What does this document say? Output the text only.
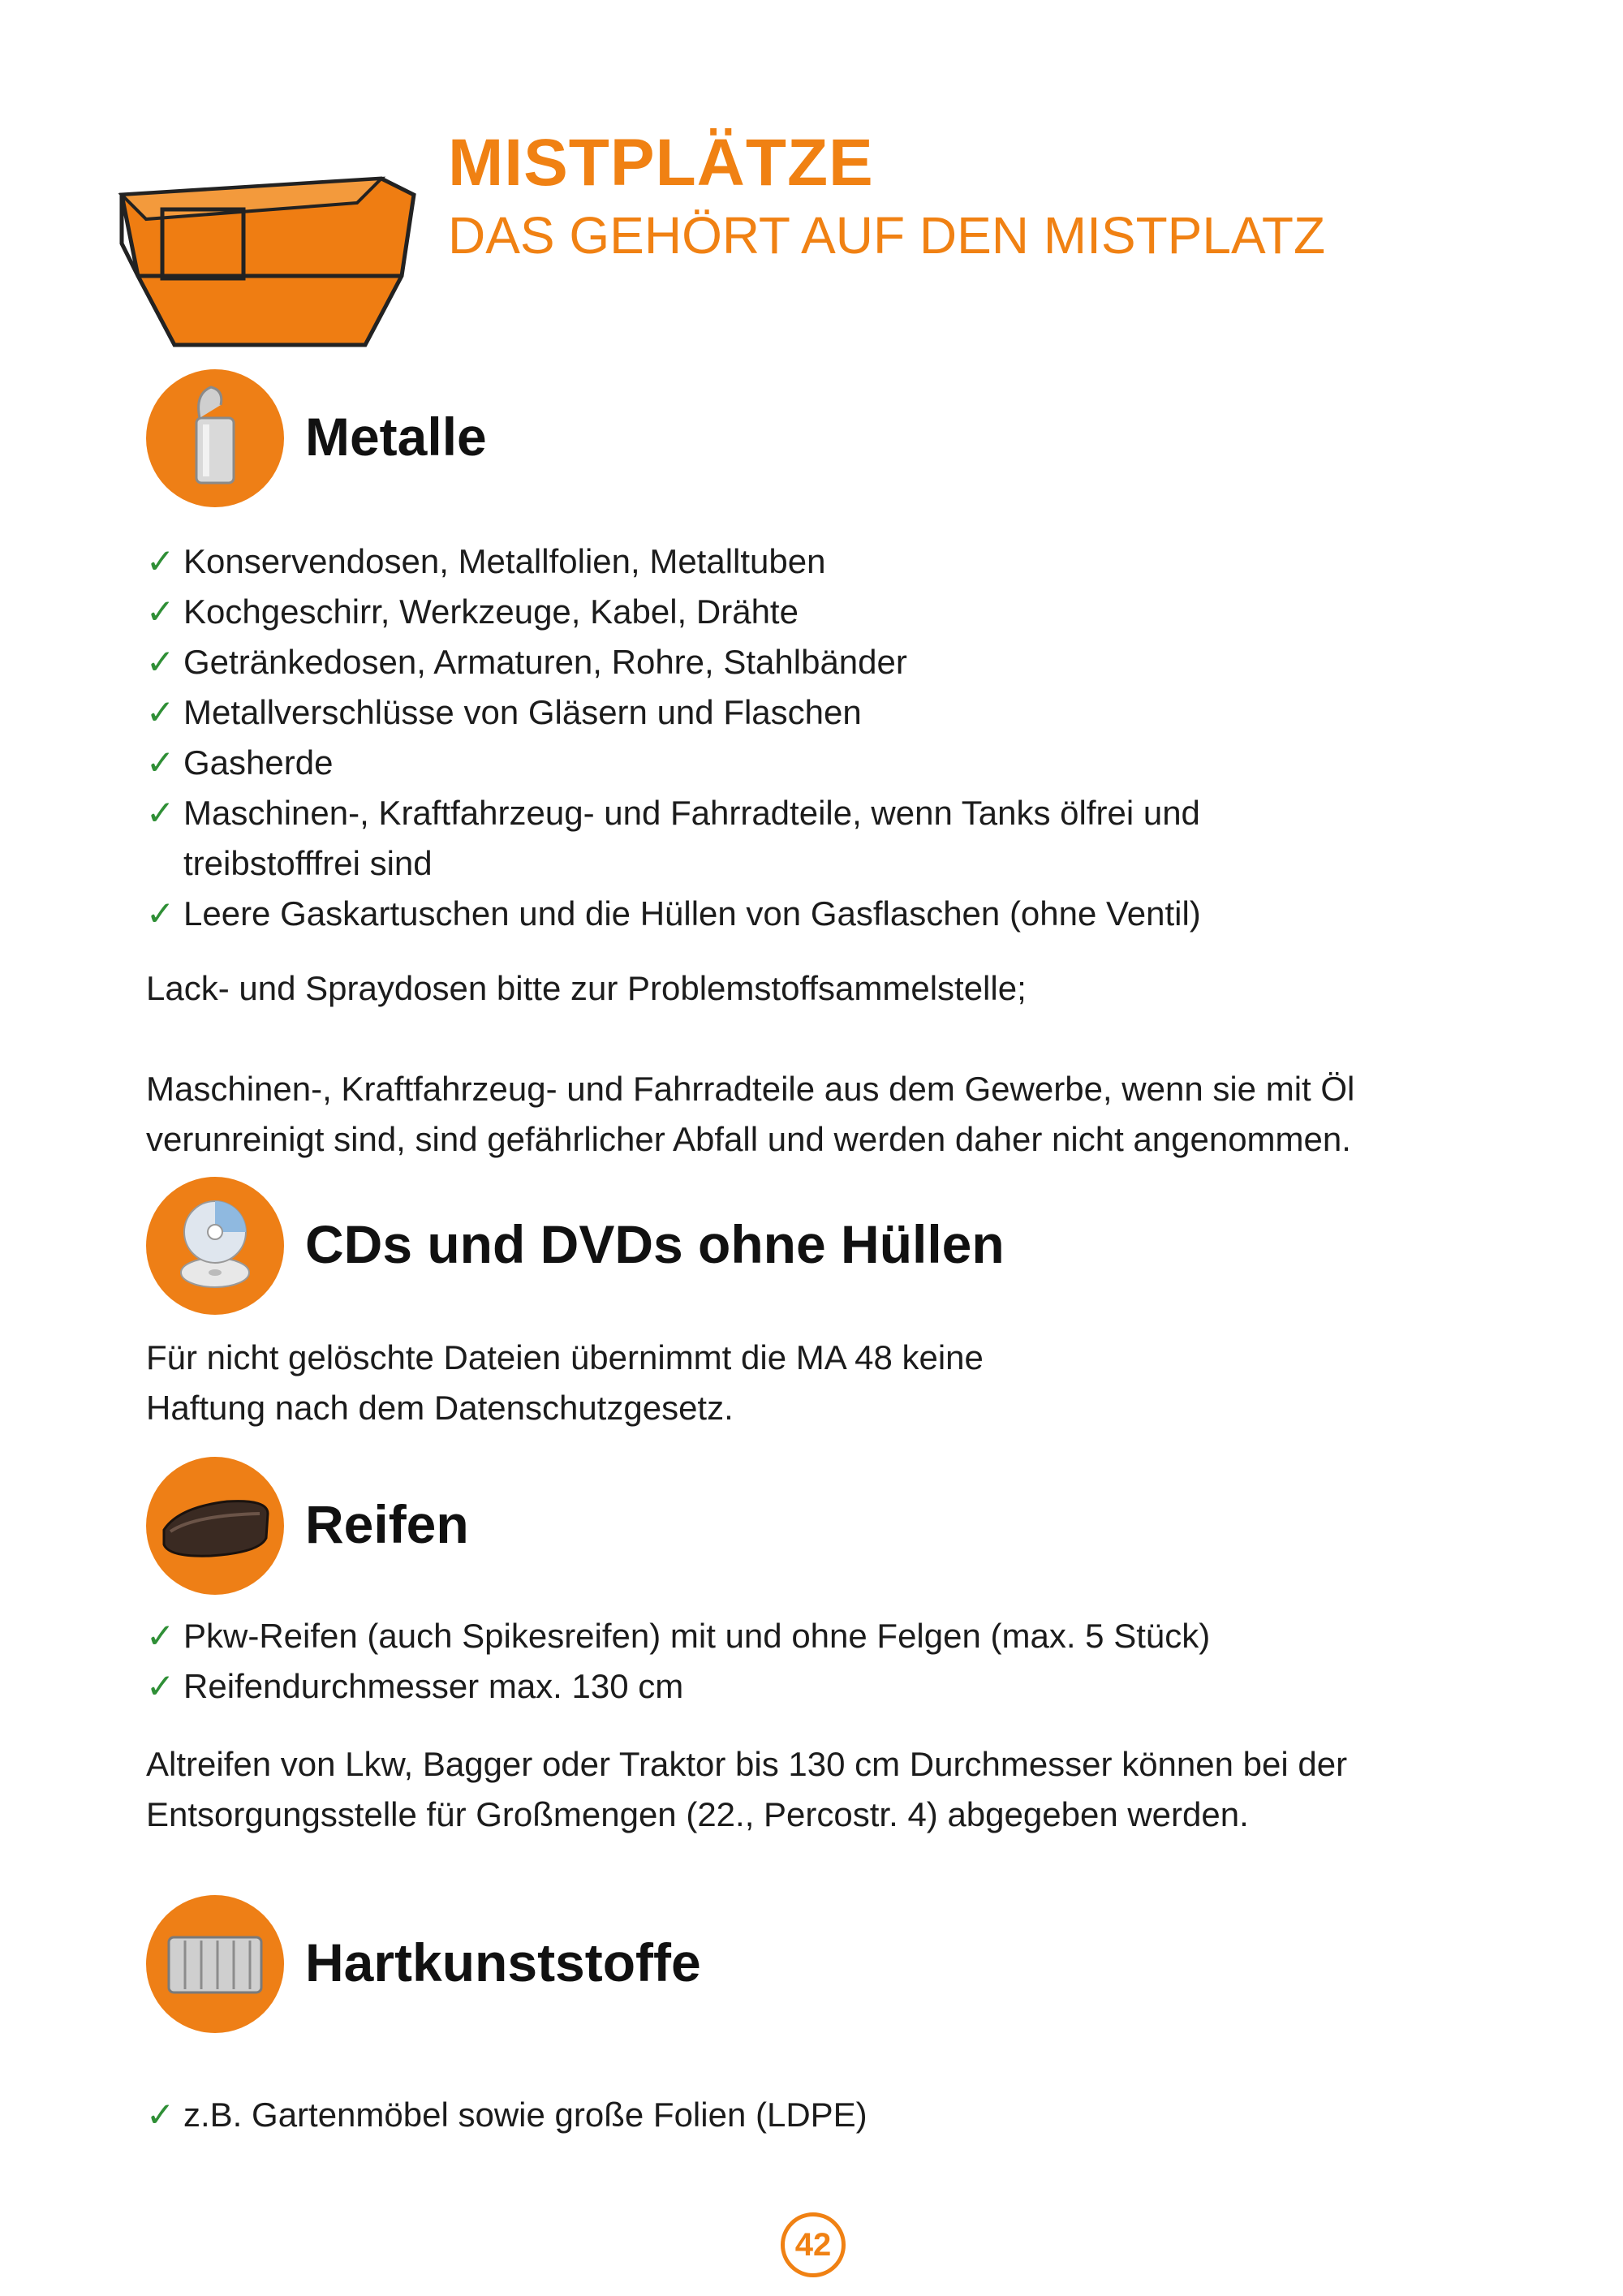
MISTPLÄTZE
DAS GEHÖRT AUF DEN MISTPLATZ
Metalle
✓ Konservendosen, Metallfolien, Metalltuben
✓ Kochgeschirr, Werkzeuge, Kabel, Drähte
✓ Getränkedosen, Armaturen, Rohre, Stahlbänder
✓ Metallverschlüsse von Gläsern und Flaschen
✓ Gasherde
✓ Maschinen-, Kraftfahrzeug- und Fahrradteile, wenn Tanks ölfrei und treibstofffrei sind
✓ Leere Gaskartuschen und die Hüllen von Gasflaschen (ohne Ventil)

Lack- und Spraydosen bitte zur Problemstoffsammelstelle;

Maschinen-, Kraftfahrzeug- und Fahrradteile aus dem Gewerbe, wenn sie mit Öl verunreinigt sind, sind gefährlicher Abfall und werden daher nicht angenommen.

CDs und DVDs ohne Hüllen

Für nicht gelöschte Dateien übernimmt die MA 48 keine Haftung nach dem Datenschutzgesetz.

Reifen
✓ Pkw-Reifen (auch Spikesreifen) mit und ohne Felgen (max. 5 Stück)
✓ Reifendurchmesser max. 130 cm

Altreifen von Lkw, Bagger oder Traktor bis 130 cm Durchmesser können bei der Entsorgungsstelle für Großmengen (22., Percostr. 4) abgegeben werden.

Hartkunststoffe
✓ z.B. Gartenmöbel sowie große Folien (LDPE)
42
